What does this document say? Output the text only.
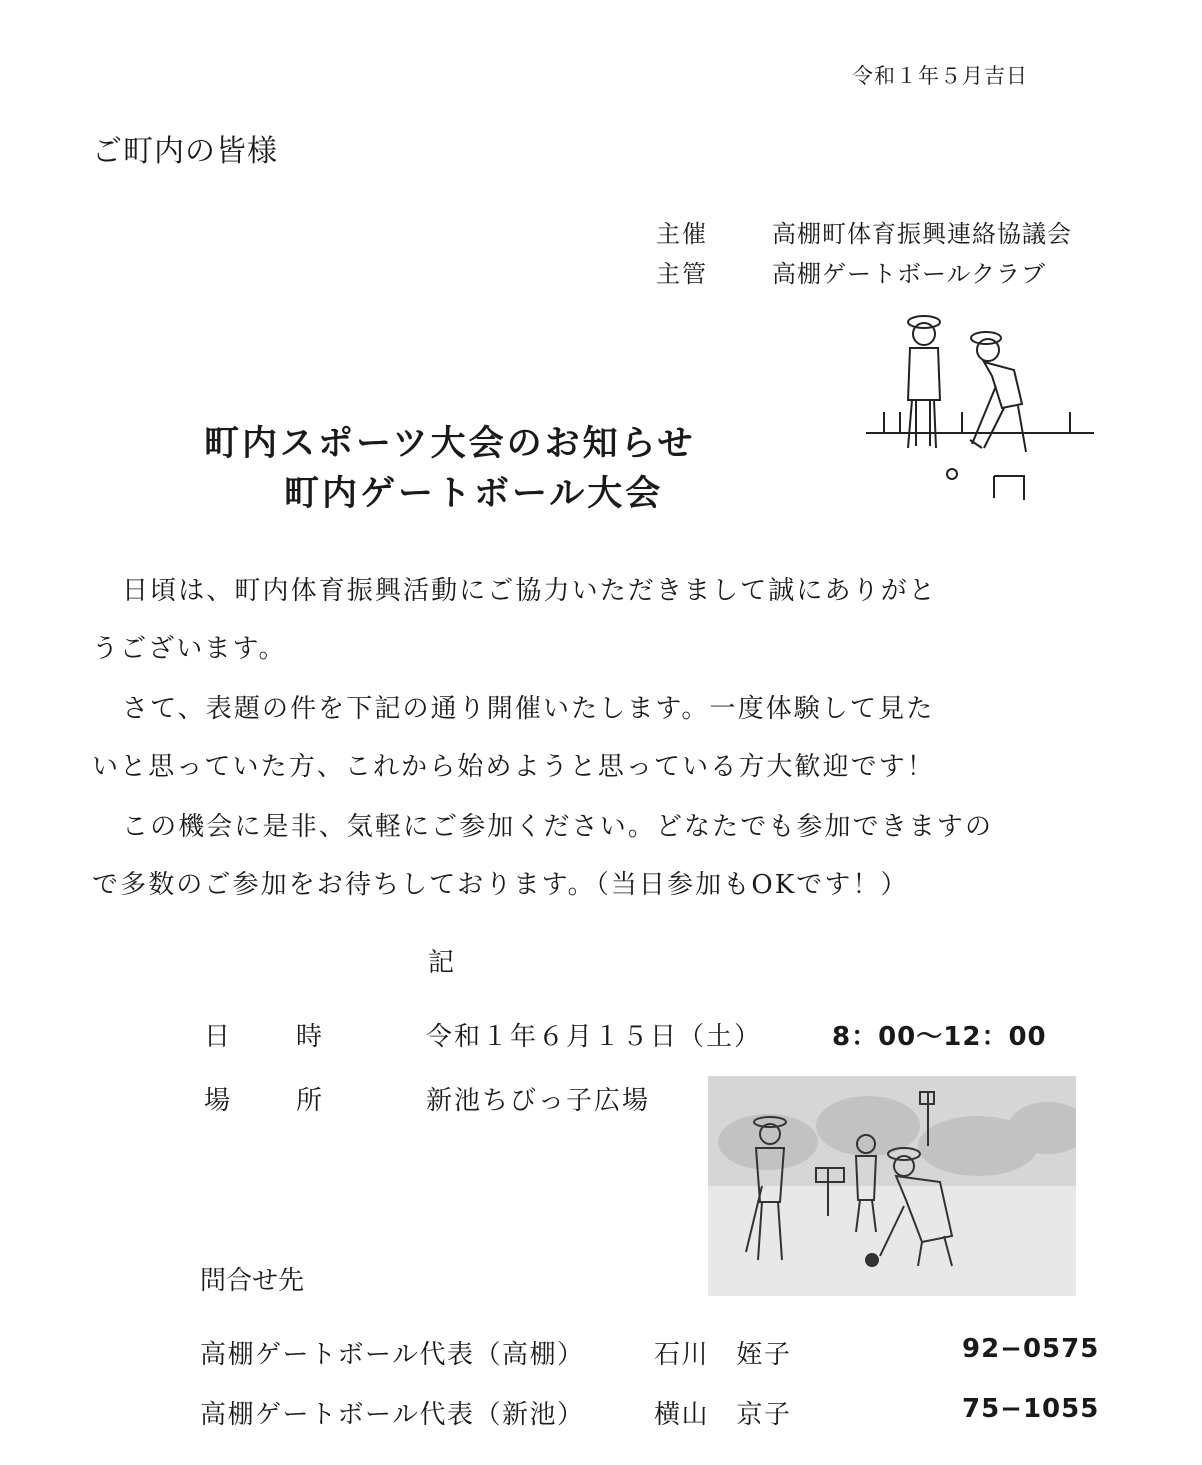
令和１年５月吉日
ご町内の皆様
主催	高棚町体育振興連絡協議会
主管	高棚ゲートボールクラブ
町内スポーツ大会のお知らせ
町内ゲートボール大会
日頃は、町内体育振興活動にご協力いただきまして誠にありがと
うございます。
さて、表題の件を下記の通り開催いたします。一度体験して見た
いと思っていた方、これから始めようと思っている方大歓迎です！
この機会に是非、気軽にご参加ください。どなたでも参加できますの
で多数のご参加をお待ちしております。（当日参加もOKです！）
記
日	時	令和１年６月１５日（土）	8：00～12：00
場	所	新池ちびっ子広場
問合せ先
高棚ゲートボール代表（高棚）	石川　姪子	92−0575
高棚ゲートボール代表（新池）	横山　京子	75−1055
